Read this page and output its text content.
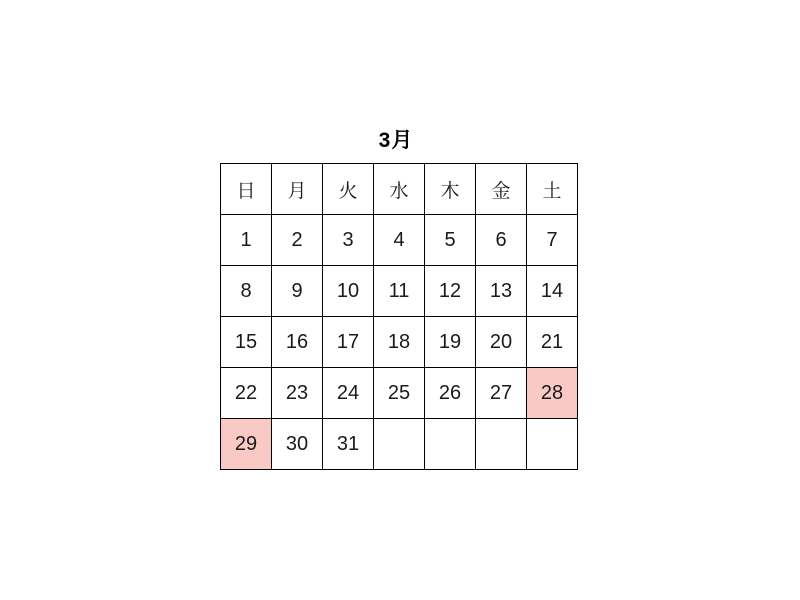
3月
日	月	火	水	木	金	土
1	2	3	4	5	6	7
8	9	10	11	12	13	14
15	16	17	18	19	20	21
22	23	24	25	26	27	28
29	30	31				
